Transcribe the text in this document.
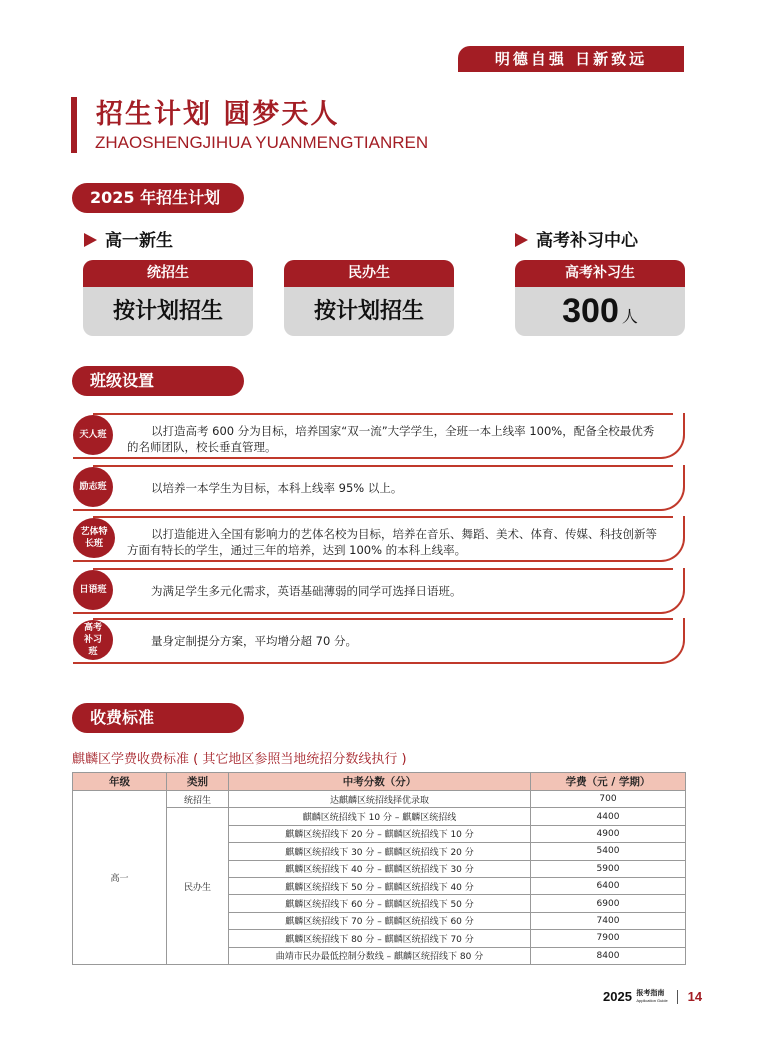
明德自强 日新致远
招生计划 圆梦天人
ZHAOSHENGJIHUA YUANMENGTIANREN
2025 年招生计划
高一新生	高考补习中心
统招生
按计划招生
民办生
按计划招生
高考补习生
300 人
班级设置
天人班	以打造高考 600 分为目标，培养国家“双一流”大学学生，全班一本上线率 100%，配备全校最优秀的名师团队，校长垂直管理。
励志班	以培养一本学生为目标，本科上线率 95% 以上。
艺体特长班
以打造能进入全国有影响力的艺体名校为目标，培养在音乐、舞蹈、美术、体育、传媒、科技创新等方面有特长的学生，通过三年的培养，达到 100% 的本科上线率。
日语班	为满足学生多元化需求，英语基础薄弱的同学可选择日语班。
高考补习班
量身定制提分方案，平均增分超 70 分。
收费标准
麒麟区学费收费标准 ( 其它地区参照当地统招分数线执行 )
年级	类别	中考分数（分）	学费（元 / 学期）
高一	统招生	达麒麟区统招线择优录取	700
	民办生	麒麟区统招线下 10 分 – 麒麟区统招线	4400
		麒麟区统招线下 20 分 – 麒麟区统招线下 10 分	4900
		麒麟区统招线下 30 分 – 麒麟区统招线下 20 分	5400
		麒麟区统招线下 40 分 – 麒麟区统招线下 30 分	5900
		麒麟区统招线下 50 分 – 麒麟区统招线下 40 分	6400
		麒麟区统招线下 60 分 – 麒麟区统招线下 50 分	6900
		麒麟区统招线下 70 分 – 麒麟区统招线下 60 分	7400
		麒麟区统招线下 80 分 – 麒麟区统招线下 70 分	7900
		曲靖市民办最低控制分数线 – 麒麟区统招线下 80 分	8400
2025 报考指南
Application Guide 14
